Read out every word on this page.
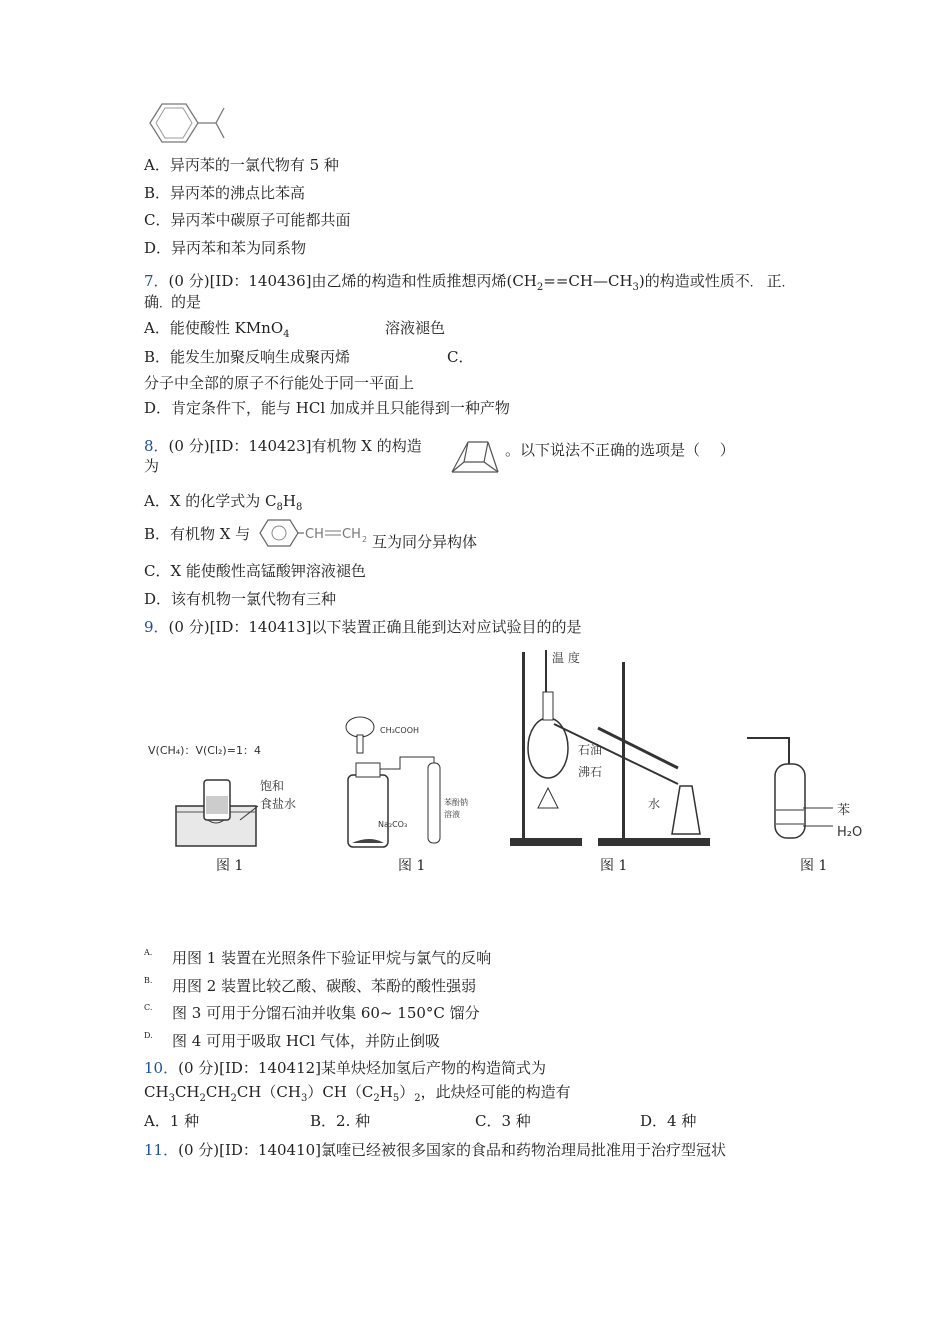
A．异丙苯的一氯代物有 5 种
B．异丙苯的沸点比苯高
C．异丙苯中碳原子可能都共面
D．异丙苯和苯为同系物
7．(0 分)[ID：140436]由乙烯的构造和性质推想丙烯$(CH_2==CH—CH_3)$的构造或性质不． 正．
确．的是
A．能使酸性 KMnO$_4$	溶液褪色
B．能发生加聚反响生成聚丙烯	C．
分子中全部的原子不行能处于同一平面上
D．肯定条件下，能与 HCl 加成并且只能得到一种产物
8．(0 分)[ID：140423]有机物 X 的构造
为
。以下说法不正确的选项是（　 ）
A．X 的化学式为 $C_8H_8$
B．有机物 X 与	CH CH 2 互为同分异构体
C．X 能使酸性高锰酸钾溶液褪色
D．该有机物一氯代物有三种
9．(0 分)[ID：140413]以下装置正确且能到达对应试验目的的是
V(CH₄)：V(Cl₂)=1：4
饱和
食盐水
图 1
CH₃COOH
Na₂CO₃
苯酚钠
溶液
图 1
温 度
石油
沸石
水
图 1
苯
H₂O
图 1
A. 用图 1 装置在光照条件下验证甲烷与氯气的反响
B. 用图 2 装置比较乙酸、碳酸、苯酚的酸性强弱
C. 图 3 可用于分馏石油并收集 60~ 150°C 馏分
D. 图 4 可用于吸取 HCl 气体，并防止倒吸
10．(0 分)[ID：140412]某单炔烃加氢后产物的构造简式为
$CH_3CH_2CH_2CH(CH_3)CH(C_2H_5)_2$，此炔烃可能的构造有
A．1 种	B．2. 种	C．3 种	D．4 种
11．(0 分)[ID：140410]氯喹已经被很多国家的食品和药物治理局批准用于治疗型冠状
